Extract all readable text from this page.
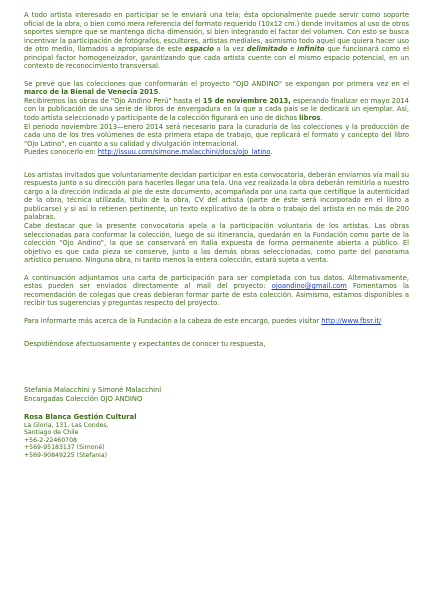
A todo artista interesado en participar se le enviará una tela; ésta opcionalmente puede servir como soporte oficial de la obra, o bien como mera referencia del formato requerido (10x12 cm.) donde invitamos al uso de otros soportes siempre que se mantenga dicha dimensión, si bien integrando el factor del volumen. Con esto se busca incentivar la participación de fotógrafos, escultores, artistas mediales, asimismo todo aquel que quiera hacer uso de otro medio, llamados a apropiarse de este espacio a la vez delimitado e infinito que funcionará como el principal factor homogeneizador, garantizando que cada artista cuente con el mismo espacio potencial, en un contexto de reconocimiento transversal.

Se prevé que las colecciones que conformarán el proyecto "OJO ANDINO" se expongan por primera vez en el marco de la Bienal de Venecia 2015.
Recibiremos las obras de "Ojo Andino Perú" hasta el 15 de noviembre 2013, esperando finalizar en mayo 2014 con la publicación de una serie de libros de envergadura en la que a cada país se le dedicará un ejemplar. Así, todo artista seleccionado y participante de la colección figurará en uno de dichos libros.
El periodo noviembre 2013—enero 2014 será necesario para la curaduría de las colecciones y la producción de cada uno de los tres volúmenes de esta primera etapa de trabajo, que replicará el formato y concepto del libro "Ojo Latino", en cuanto a su calidad y divulgación internacional.
Puedes conocerlo en: http://issuu.com/simone.malacchini/docs/ojo_latino.

Los artistas invitados que voluntariamente decidan participar en esta convocatoria, deberán enviarnos vía mail su respuesta junto a su dirección para hacerles llegar una tela. Una vez realizada la obra deberán remitirla a nuestro cargo a la dirección indicada al pie de este documento, acompañada por una carta que certifique la autenticidad de la obra, técnica utilizada, título de la obra, CV del artista (parte de éste será incorporado en el libro a publicarse) y si así lo retienen pertinente, un texto explicativo de la obra o trabajo del artista en no más de 200 palabras.
Cabe destacar que la presente convocatoria apela a la participación voluntaria de los artistas. Las obras seleccionadas para conformar la colección, luego de su itinerancia, quedarán en la Fundación como parte de la colección "Ojo Andino", la que se conservará en Italia expuesta de forma permanente abierta a público. El objetivo es que cada pieza se conserve, junto a las demás obras seleccionadas, como parte del panorama artístico peruano. Ninguna obra, ni tanto menos la entera colección, estará sujeta a venta.

A continuación adjuntamos una carta de participación para ser completada con tus datos. Alternativamente, estos pueden ser enviados directamente al mail del proyecto: ojoandino@gmail.com Fomentamos la recomendación de colegas que creas debieran formar parte de esta colección. Asimismo, estamos disponibles a recibir tus sugerencias y preguntas respecto del proyecto.

Para informarte más acerca de la Fundación a la cabeza de este encargo, puedes visitar http://www.fbsr.it/

Despidiéndose afectuosamente y expectantes de conocer tu respuesta,

Stefania Malacchini y Simoné Malacchini

Encargadas Colección OJO ANDINO

Rosa Blanca Gestión Cultural

La Gloria, 131, Las Condes,

Santiago de Chile

+56-2-22460708

+569-95183137 (Simoné)

+569-90849225 (Stefania)
